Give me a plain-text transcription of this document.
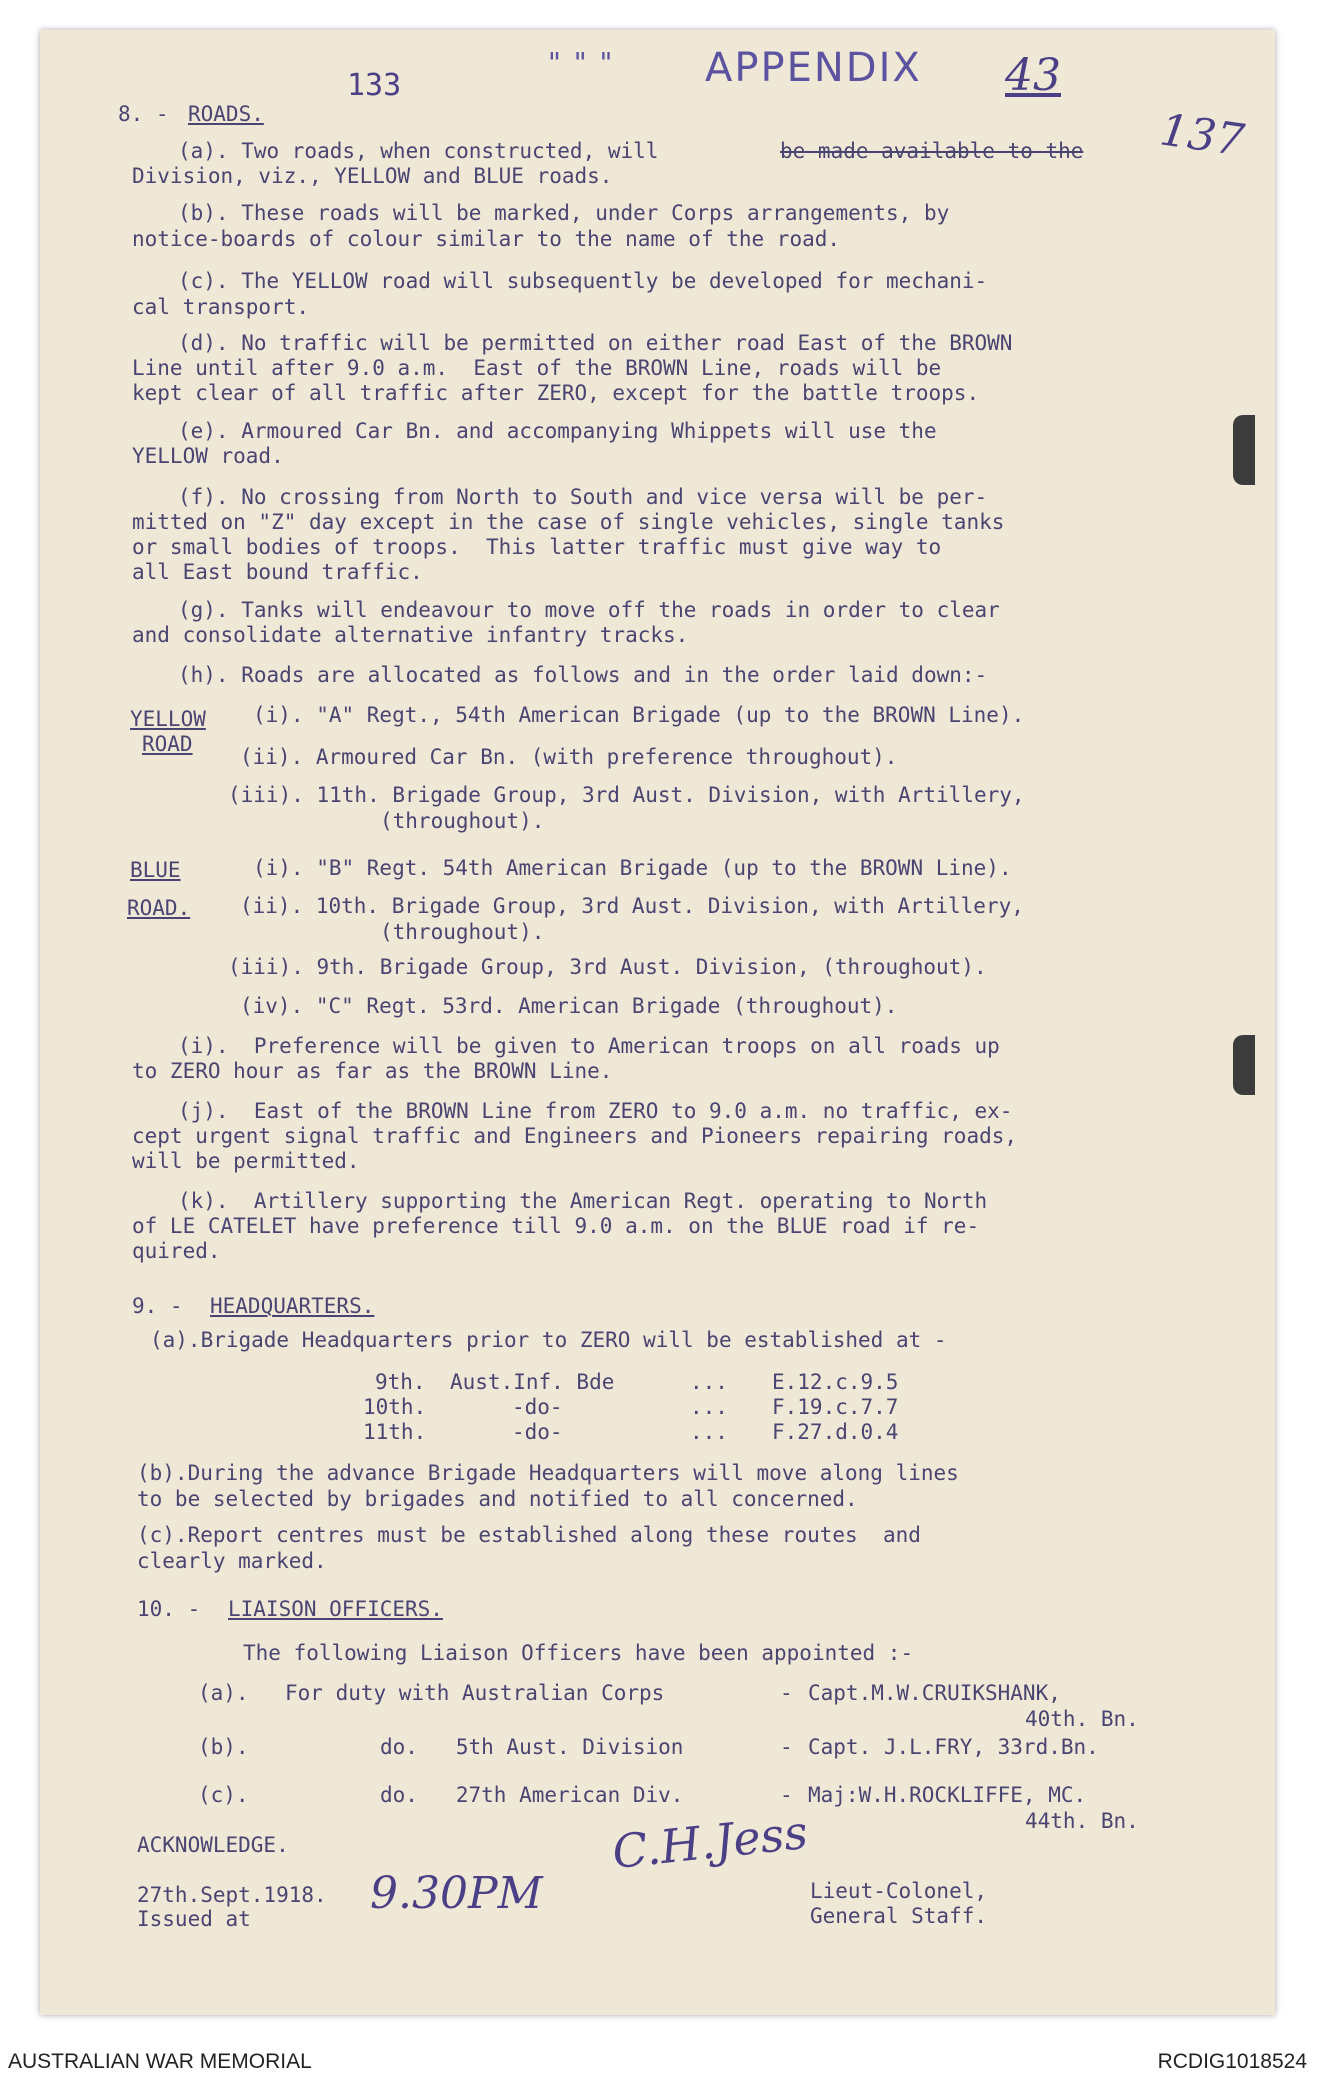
133
" " " APPENDIX 43
137
8. - ROADS.
(a). Two roads, when constructed, will	be made available to the
Division, viz., YELLOW and BLUE roads.
(b). These roads will be marked, under Corps arrangements, by
notice-boards of colour similar to the name of the road.
(c). The YELLOW road will subsequently be developed for mechani-
cal transport.
(d). No traffic will be permitted on either road East of the BROWN
Line until after 9.0 a.m.  East of the BROWN Line, roads will be
kept clear of all traffic after ZERO, except for the battle troops.
(e). Armoured Car Bn. and accompanying Whippets will use the
YELLOW road.
(f). No crossing from North to South and vice versa will be per-
mitted on "Z" day except in the case of single vehicles, single tanks
or small bodies of troops.  This latter traffic must give way to
all East bound traffic.
(g). Tanks will endeavour to move off the roads in order to clear
and consolidate alternative infantry tracks.
(h). Roads are allocated as follows and in the order laid down:-
YELLOW
ROAD
(i). "A" Regt., 54th American Brigade (up to the BROWN Line).
(ii). Armoured Car Bn. (with preference throughout).
(iii). 11th. Brigade Group, 3rd Aust. Division, with Artillery,
(throughout).
BLUE
ROAD.
(i). "B" Regt. 54th American Brigade (up to the BROWN Line).
(ii). 10th. Brigade Group, 3rd Aust. Division, with Artillery,
(throughout).
(iii). 9th. Brigade Group, 3rd Aust. Division, (throughout).
(iv). "C" Regt. 53rd. American Brigade (throughout).
(i).  Preference will be given to American troops on all roads up
to ZERO hour as far as the BROWN Line.
(j).  East of the BROWN Line from ZERO to 9.0 a.m. no traffic, ex-
cept urgent signal traffic and Engineers and Pioneers repairing roads,
will be permitted.
(k).  Artillery supporting the American Regt. operating to North
of LE CATELET have preference till 9.0 a.m. on the BLUE road if re-
quired.
9. - HEADQUARTERS.
(a).Brigade Headquarters prior to ZERO will be established at -
9th. Aust.Inf. Bde	... E.12.c.9.5
10th.	-do-	... F.19.c.7.7
11th.	-do-	... F.27.d.0.4
(b).During the advance Brigade Headquarters will move along lines
to be selected by brigades and notified to all concerned.
(c).Report centres must be established along these routes  and
clearly marked.
10. - LIAISON OFFICERS.
The following Liaison Officers have been appointed :-
(a). For duty with Australian Corps	- Capt.M.W.CRUIKSHANK,
40th. Bn.
(b).	do.   5th Aust. Division	- Capt. J.L.FRY, 33rd.Bn.
(c).	do.   27th American Div.	- Maj:W.H.ROCKLIFFE, MC.
44th. Bn.
ACKNOWLEDGE.
27th.Sept.1918.
Issued at	9.30PM
C.H.Jess
Lieut-Colonel,
General Staff.
AUSTRALIAN WAR MEMORIAL	RCDIG1018524
